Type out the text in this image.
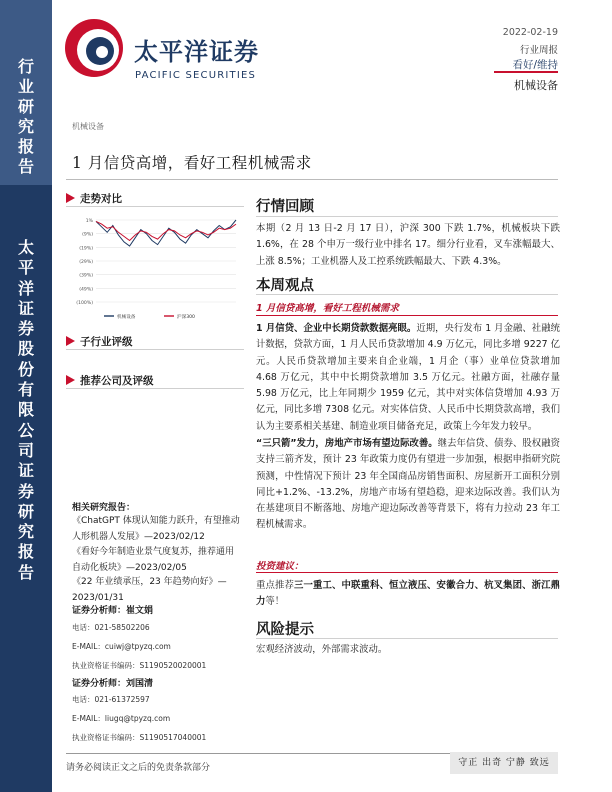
行
业
研
究
报
告
太
平
洋
证
券
股
份
有
限
公
司
证
券
研
究
报
告
太平洋证券
PACIFIC SECURITIES
2022-02-19
行业周报
看好/维持
机械设备
机械设备
1 月信贷高增，看好工程机械需求
走势对比
1%
(9%)
(19%)
(29%)
(39%)
(49%)
(100%)
机械设备	沪深300
子行业评级
推荐公司及评级
相关研究报告：
《ChatGPT 体现认知能力跃升，有望推动人形机器人发展》—2023/02/12
《看好今年制造业景气度复苏，推荐通用自动化板块》—2023/02/05
《22 年业绩承压，23 年趋势向好》—2023/01/31
证券分析师：崔文娟
电话：021-58502206
E-MAIL：cuiwj@tpyzq.com
执业资格证书编码：S1190520020001
证券分析师：刘国清
电话：021-61372597
E-MAIL：liugq@tpyzq.com
执业资格证书编码：S1190517040001
行情回顾
本期（2 月 13 日-2 月 17 日），沪深 300 下跌 1.7%，机械板块下跌 1.6%，在 28 个申万一级行业中排名 17。细分行业看，叉车涨幅最大、上涨 8.5%；工业机器人及工控系统跌幅最大、下跌 4.3%。
本周观点
1 月信贷高增，看好工程机械需求
1 月信贷、企业中长期贷款数据亮眼。近期，央行发布 1 月金融、社融统计数据，贷款方面，1 月人民币贷款增加 4.9 万亿元，同比多增 9227 亿元。人民币贷款增加主要来自企业端，1 月企（事）业单位贷款增加 4.68 万亿元，其中中长期贷款增加 3.5 万亿元。社融方面，社融存量 5.98 万亿元，比上年同期少 1959 亿元，其中对实体信贷增加 4.93 万亿元，同比多增 7308 亿元。对实体信贷、人民币中长期贷款高增，我们认为主要系相关基建、制造业项目储备充足，政策上今年发力较早。
“三只箭”发力，房地产市场有望边际改善。继去年信贷、债券、股权融资支持三箭齐发，预计 23 年政策力度仍有望进一步加强，根据申指研究院预测，中性情况下预计 23 年全国商品房销售面积、房屋新开工面积分别同比+1.2%、-13.2%，房地产市场有望趋稳，迎来边际改善。我们认为在基建项目不断落地、房地产迎边际改善等背景下，将有力拉动 23 年工程机械需求。
投资建议：
重点推荐三一重工、中联重科、恒立液压、安徽合力、杭叉集团、浙江鼎力等！
风险提示
宏观经济波动，外部需求波动。
请务必阅读正文之后的免责条款部分	守正 出奇 宁静 致远
